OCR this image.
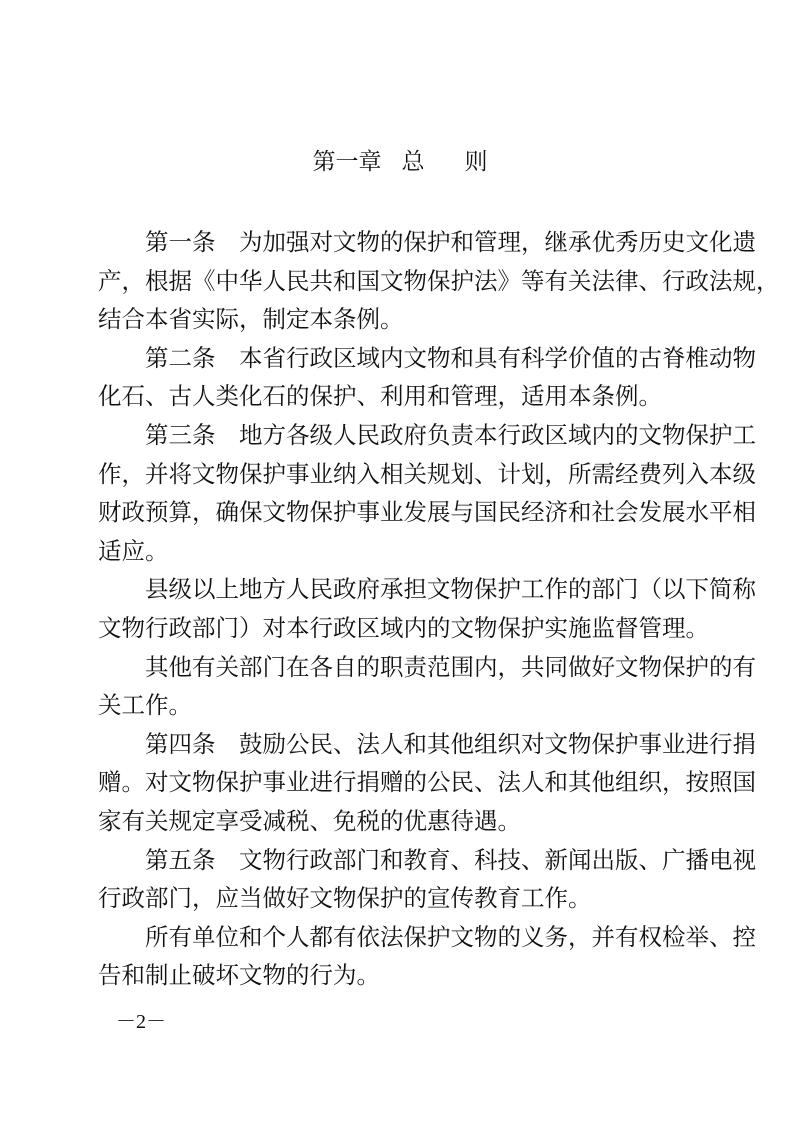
第一章 总 则
第一条　为加强对文物的保护和管理，继承优秀历史文化遗
产，根据《中华人民共和国文物保护法》等有关法律、行政法规，
结合本省实际，制定本条例。
第二条　本省行政区域内文物和具有科学价值的古脊椎动物
化石、古人类化石的保护、利用和管理，适用本条例。
第三条　地方各级人民政府负责本行政区域内的文物保护工
作，并将文物保护事业纳入相关规划、计划，所需经费列入本级
财政预算，确保文物保护事业发展与国民经济和社会发展水平相
适应。
县级以上地方人民政府承担文物保护工作的部门（以下简称
文物行政部门）对本行政区域内的文物保护实施监督管理。
其他有关部门在各自的职责范围内，共同做好文物保护的有
关工作。
第四条　鼓励公民、法人和其他组织对文物保护事业进行捐
赠。对文物保护事业进行捐赠的公民、法人和其他组织，按照国
家有关规定享受减税、免税的优惠待遇。
第五条　文物行政部门和教育、科技、新闻出版、广播电视
行政部门，应当做好文物保护的宣传教育工作。
所有单位和个人都有依法保护文物的义务，并有权检举、控
告和制止破坏文物的行为。
－2－
